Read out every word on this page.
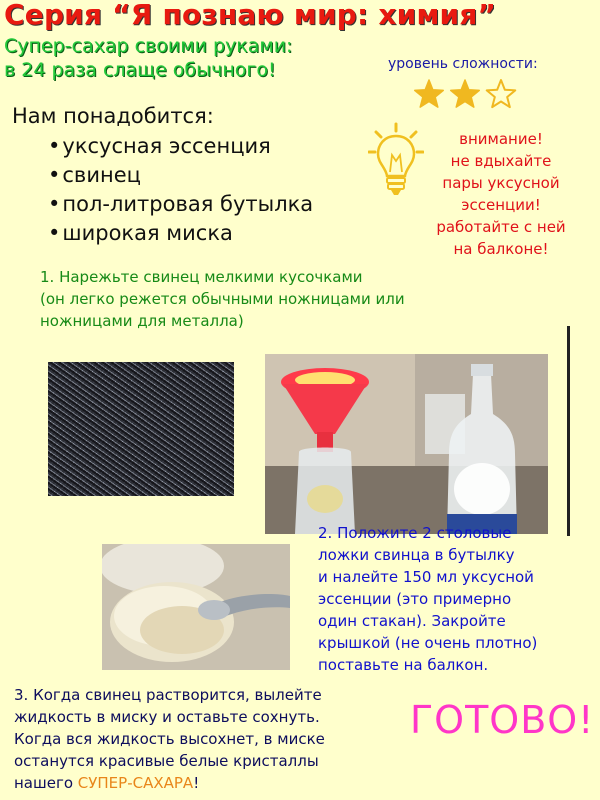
Серия “Я познаю мир: химия”
Супер-сахар своими руками:
в 24 раза слаще обычного!	уровень сложности:
Нам понадобится:
• уксусная эссенция
• свинец
• пол-литровая бутылка
• широкая миска
внимание!
не вдыхайте
пары уксусной
эссенции!
работайте с ней
на балконе!
1. Нарежьте свинец мелкими кусочками
(он легко режется обычными ножницами или
ножницами для металла)
2. Положите 2 столовые
ложки свинца в бутылку
и налейте 150 мл уксусной
эссенции (это примерно
один стакан). Закройте
крышкой (не очень плотно)
поставьте на балкон.
3. Когда свинец растворится, вылейте
жидкость в миску и оставьте сохнуть.
Когда вся жидкость высохнет, в миске
останутся красивые белые кристаллы
нашего СУПЕР-САХАРА!
ГОТОВО!
